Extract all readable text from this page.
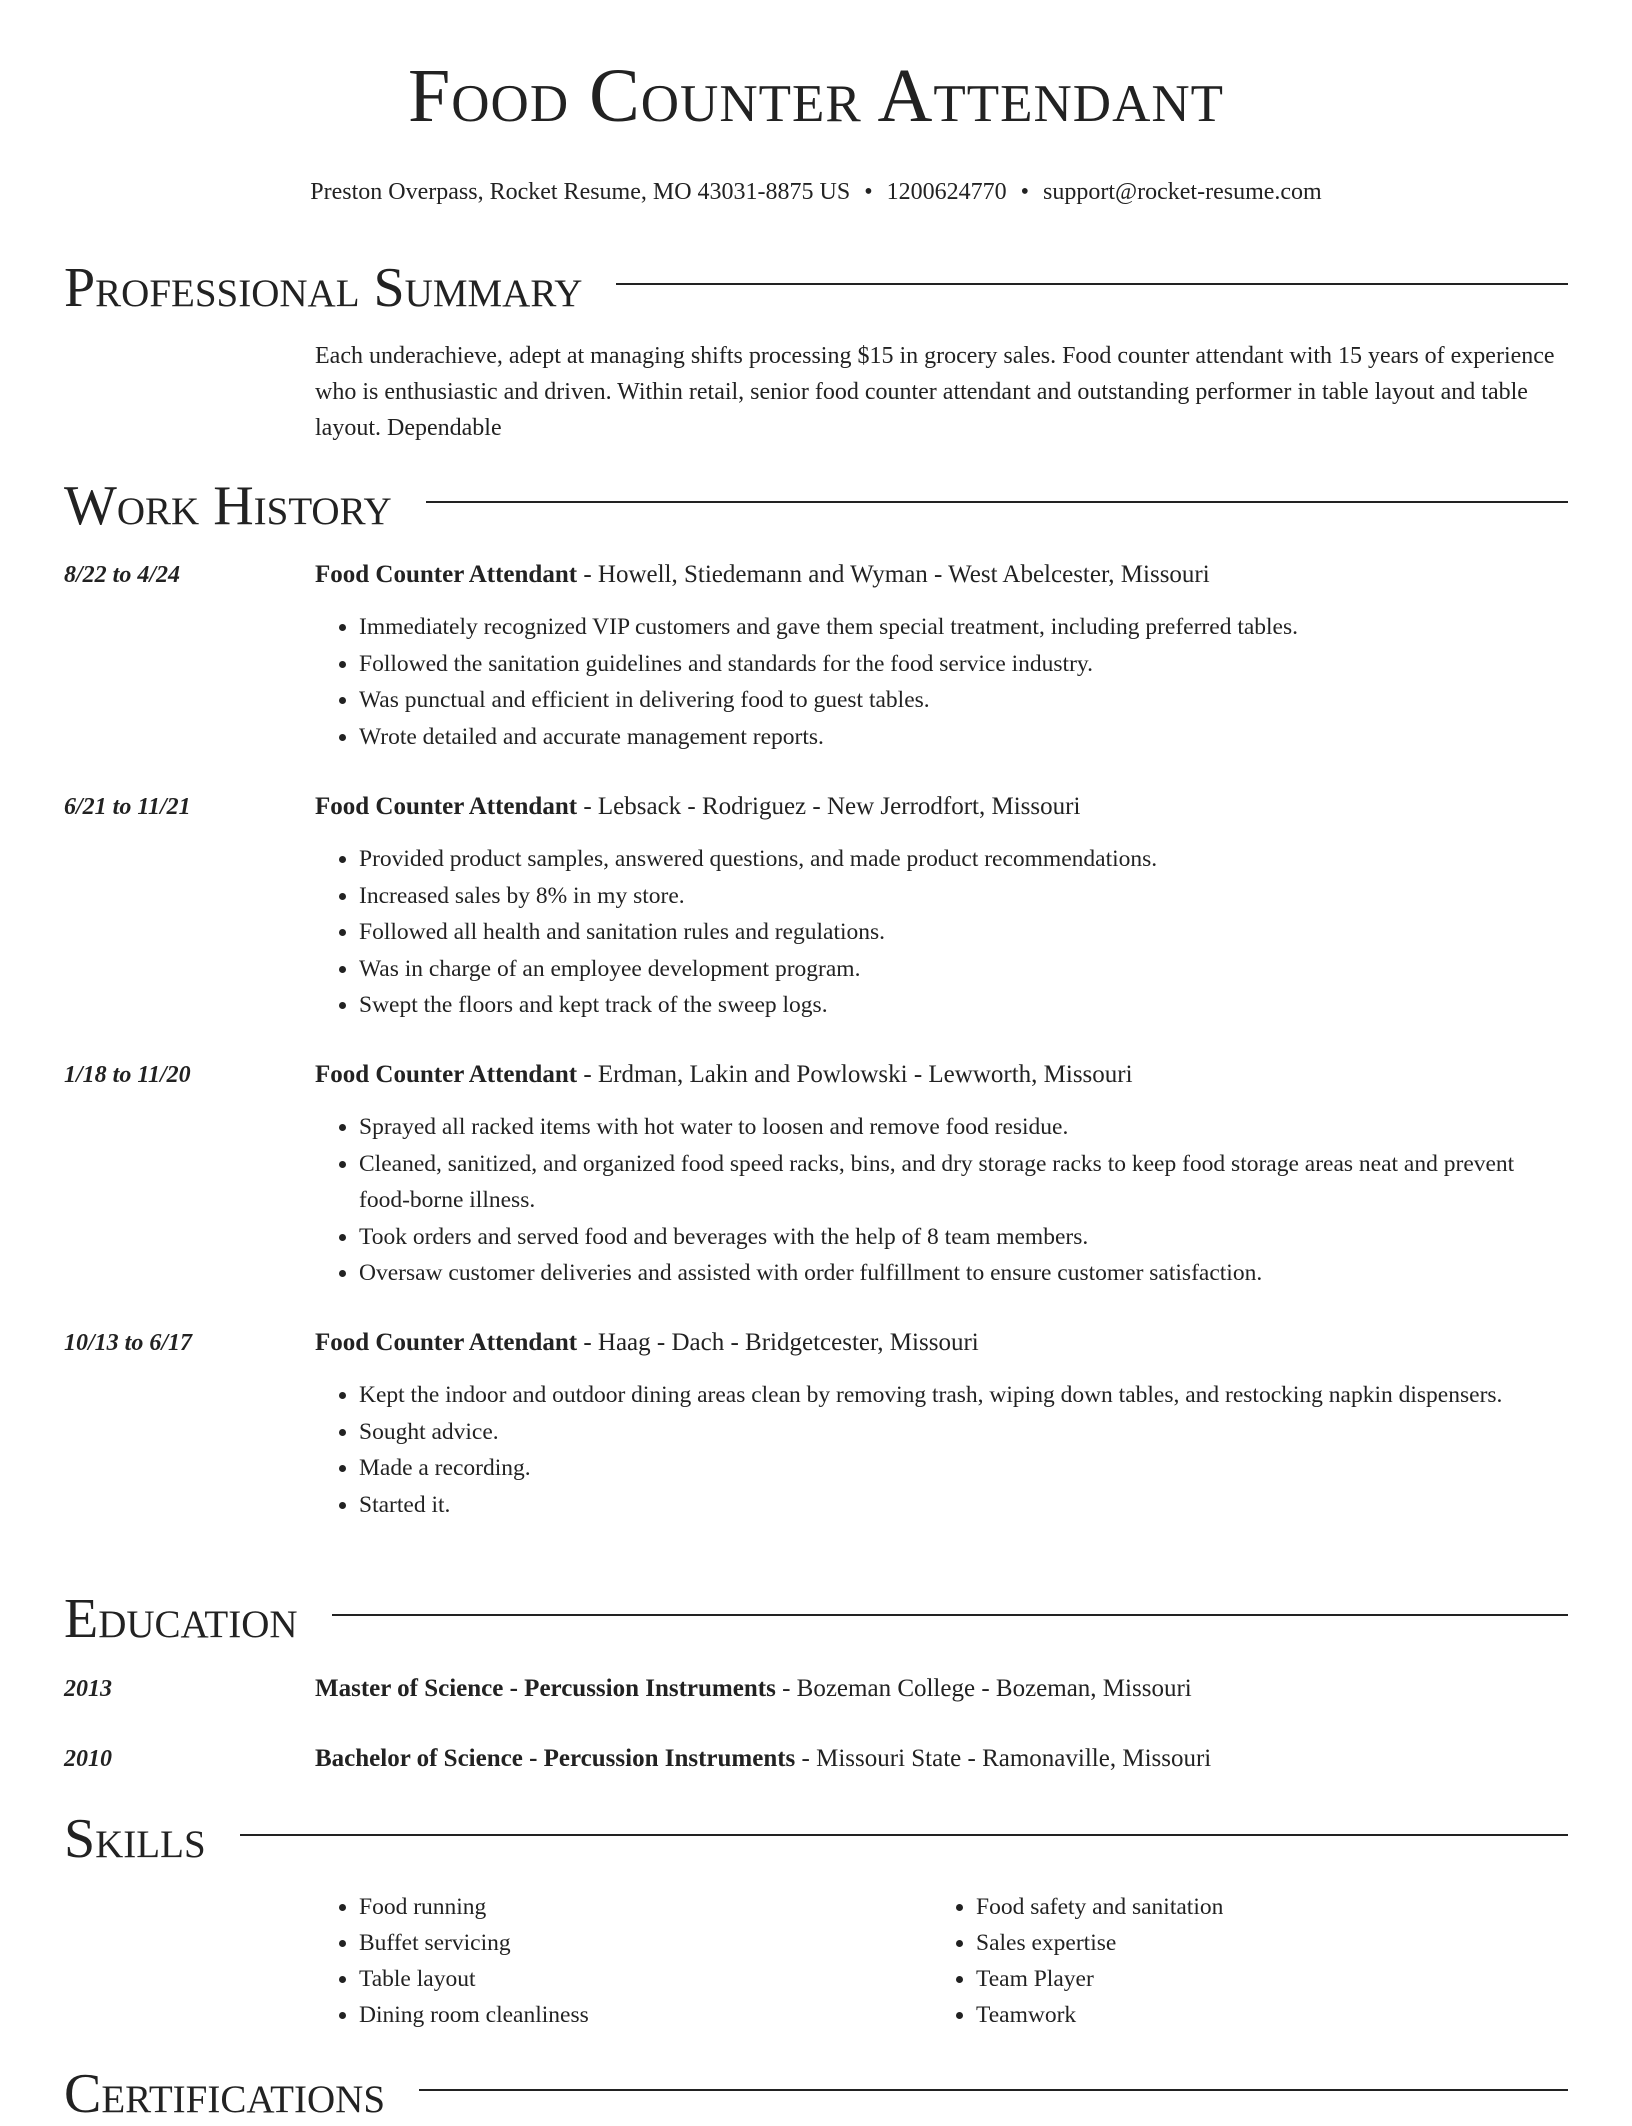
Food Counter Attendant
Preston Overpass, Rocket Resume, MO 43031-8875 US • 1200624770 • support@rocket-resume.com
Professional Summary
Each underachieve, adept at managing shifts processing $15 in grocery sales. Food counter attendant with 15 years of experience who is enthusiastic and driven. Within retail, senior food counter attendant and outstanding performer in table layout and table layout. Dependable
Work History
8/22 to 4/24	Food Counter Attendant - Howell, Stiedemann and Wyman - West Abelcester, Missouri
• Immediately recognized VIP customers and gave them special treatment, including preferred tables.
• Followed the sanitation guidelines and standards for the food service industry.
• Was punctual and efficient in delivering food to guest tables.
• Wrote detailed and accurate management reports.
6/21 to 11/21	Food Counter Attendant - Lebsack - Rodriguez - New Jerrodfort, Missouri
• Provided product samples, answered questions, and made product recommendations.
• Increased sales by 8% in my store.
• Followed all health and sanitation rules and regulations.
• Was in charge of an employee development program.
• Swept the floors and kept track of the sweep logs.
1/18 to 11/20	Food Counter Attendant - Erdman, Lakin and Powlowski - Lewworth, Missouri
• Sprayed all racked items with hot water to loosen and remove food residue.
• Cleaned, sanitized, and organized food speed racks, bins, and dry storage racks to keep food storage areas neat and prevent food-borne illness.
• Took orders and served food and beverages with the help of 8 team members.
• Oversaw customer deliveries and assisted with order fulfillment to ensure customer satisfaction.
10/13 to 6/17	Food Counter Attendant - Haag - Dach - Bridgetcester, Missouri
• Kept the indoor and outdoor dining areas clean by removing trash, wiping down tables, and restocking napkin dispensers.
• Sought advice.
• Made a recording.
• Started it.
Education
2013	Master of Science - Percussion Instruments - Bozeman College - Bozeman, Missouri
2010	Bachelor of Science - Percussion Instruments - Missouri State - Ramonaville, Missouri
Skills
• Food running
• Buffet servicing
• Table layout
• Dining room cleanliness
• Food safety and sanitation
• Sales expertise
• Team Player
• Teamwork
Certifications
